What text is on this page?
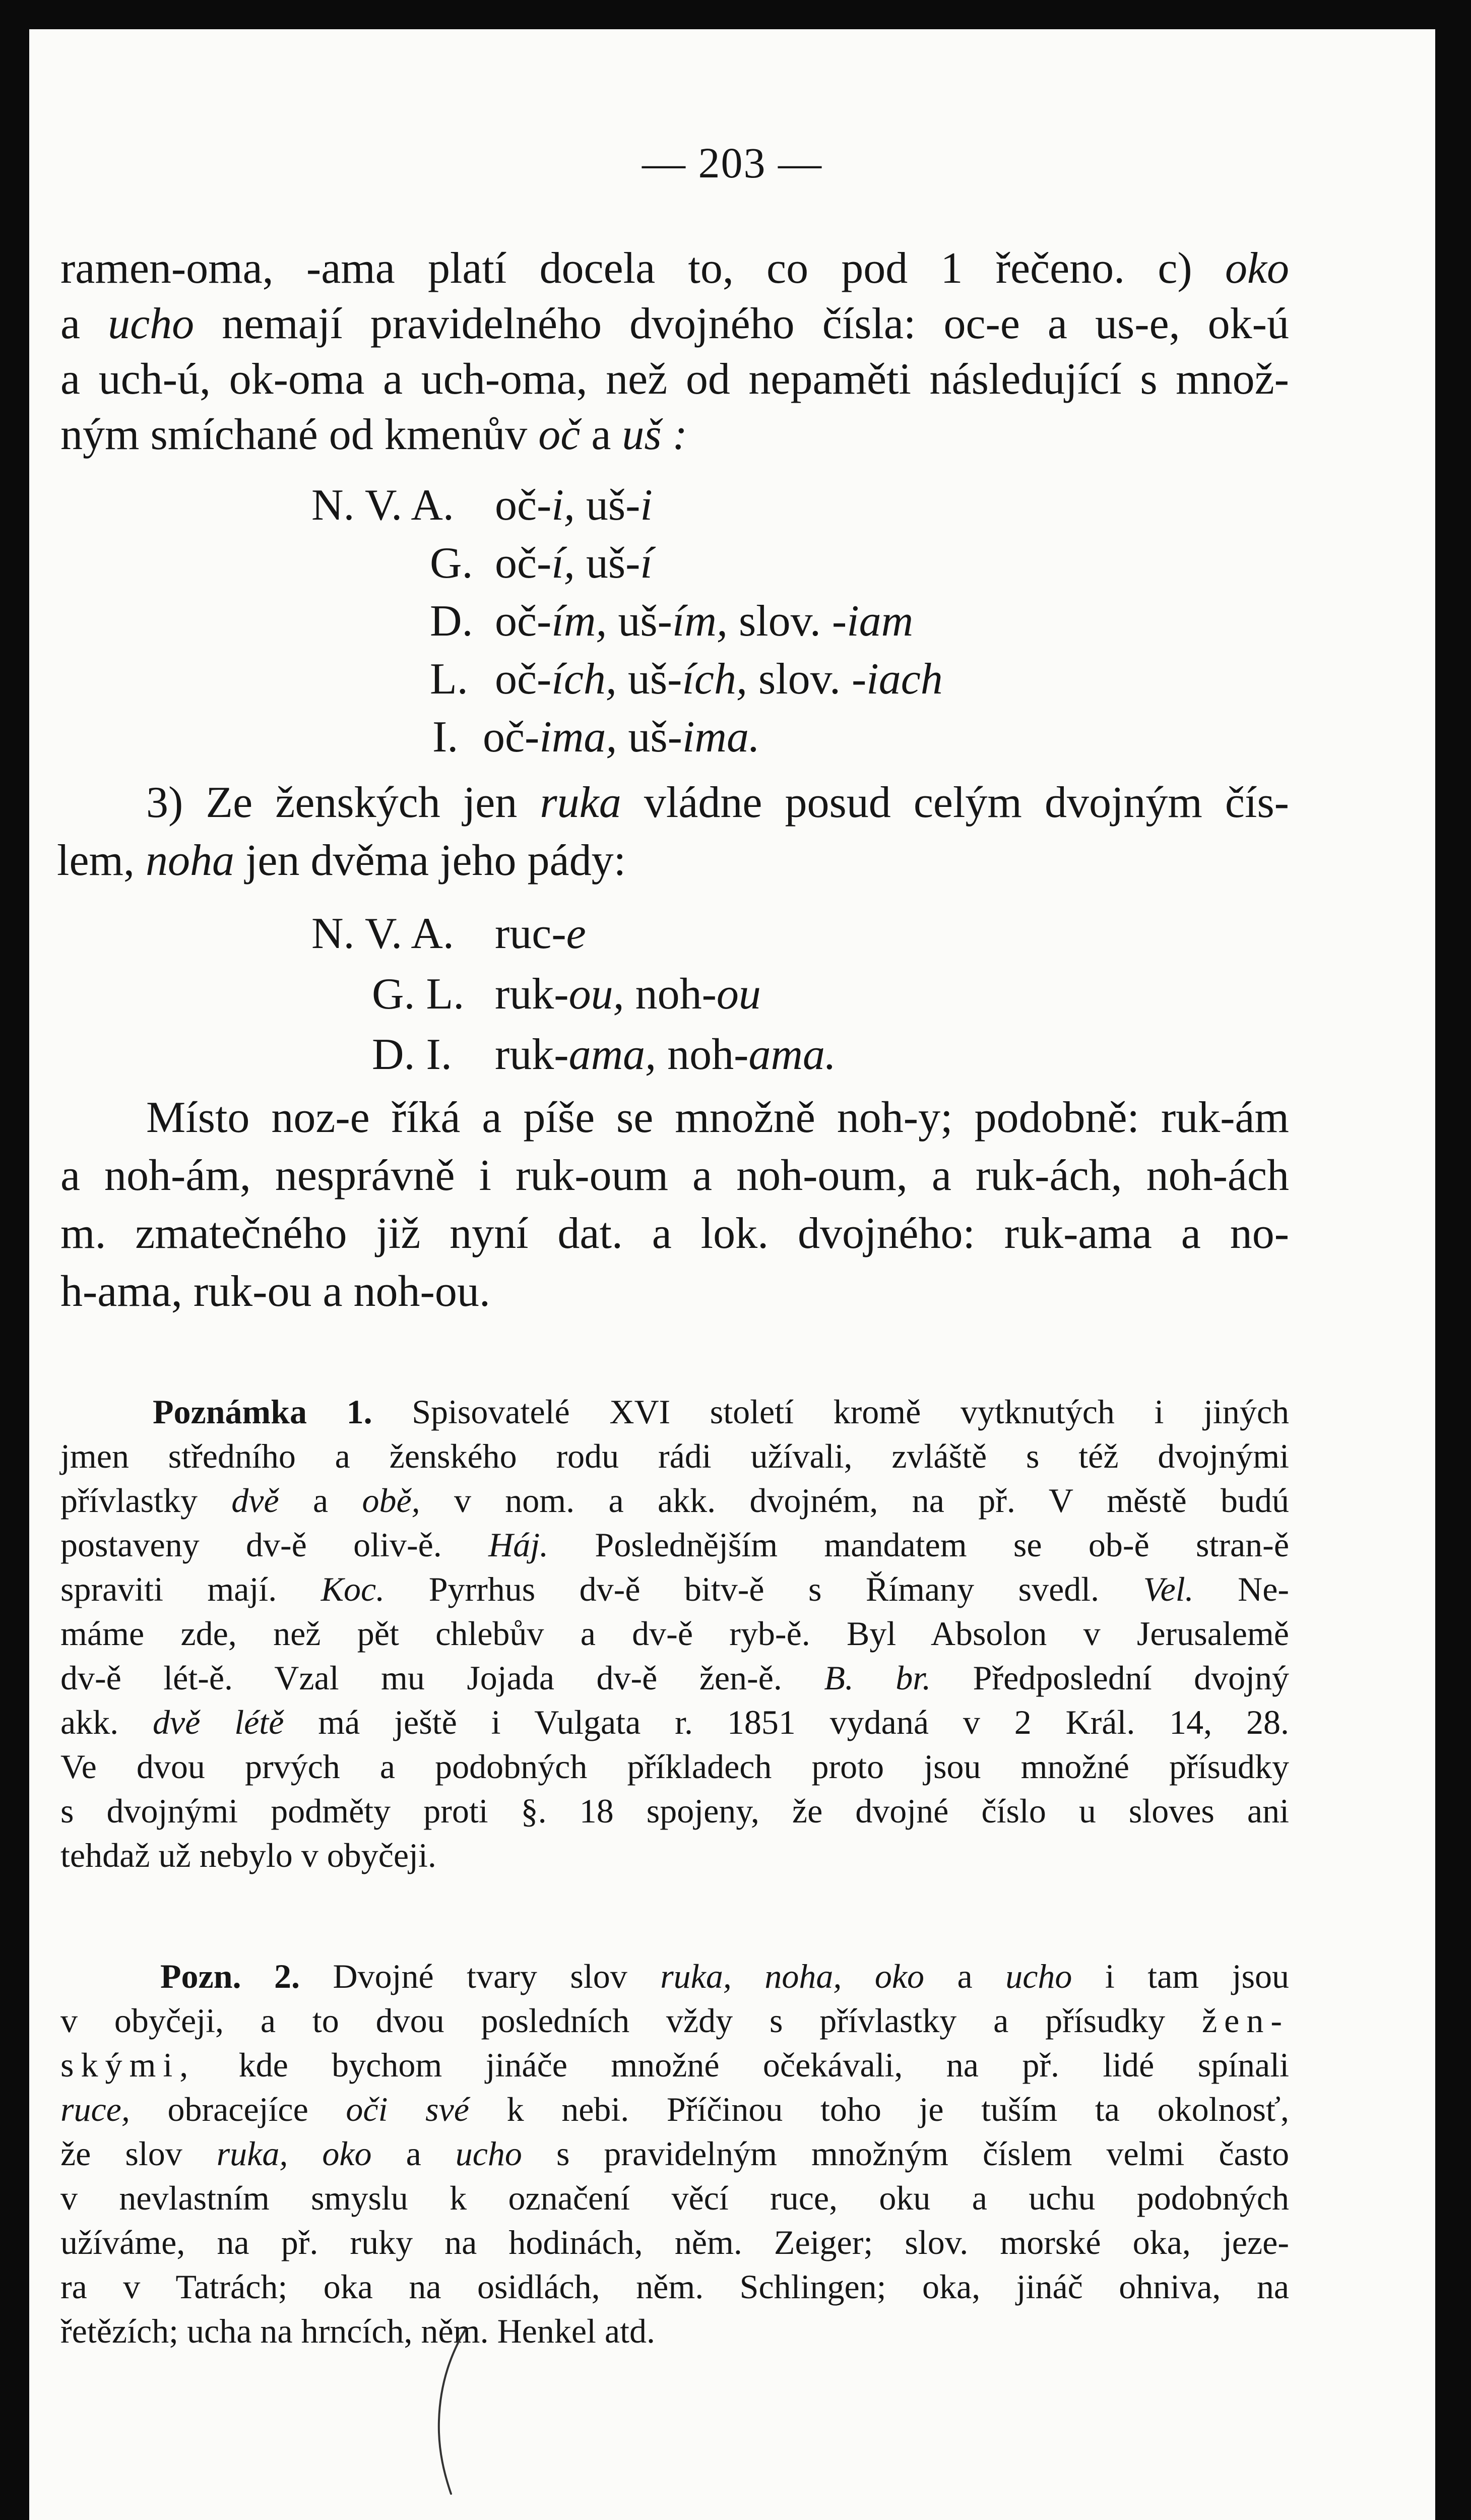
— 203 —
ramen-oma, -ama platí docela to, co pod 1 řečeno. c) oko
a ucho nemají pravidelného dvojného čísla: oc-e a us-e, ok-ú
a uch-ú, ok-oma a uch-oma, než od nepaměti následující s množ-
ným smíchané od kmenův oč a uš :
N. V. A. oč-i, uš-i
G. oč-í, uš-í
D. oč-ím, uš-ím, slov. -iam
L. oč-ích, uš-ích, slov. -iach
I. oč-ima, uš-ima.
3) Ze ženských jen ruka vládne posud celým dvojným čís-
lem, noha jen dvěma jeho pády:
N. V. A. ruc-e
G. L. ruk-ou, noh-ou
D. I. ruk-ama, noh-ama.
Místo noz-e říká a píše se množně noh-y; podobně: ruk-ám
a noh-ám, nesprávně i ruk-oum a noh-oum, a ruk-ách, noh-ách
m. zmatečného již nyní dat. a lok. dvojného: ruk-ama a no-
h-ama, ruk-ou a noh-ou.
Poznámka 1. Spisovatelé XVI století kromě vytknutých i jiných
jmen středního a ženského rodu rádi užívali, zvláště s též dvojnými
přívlastky dvě a obě, v nom. a akk. dvojném, na př. V městě budú
postaveny dv-ě oliv-ě. Háj. Poslednějším mandatem se ob-ě stran-ě
spraviti mají. Koc. Pyrrhus dv-ě bitv-ě s Římany svedl. Vel. Ne-
máme zde, než pět chlebův a dv-ě ryb-ě. Byl Absolon v Jerusalemě
dv-ě lét-ě. Vzal mu Jojada dv-ě žen-ě. B. br. Předposlední dvojný
akk. dvě létě má ještě i Vulgata r. 1851 vydaná v 2 Král. 14, 28.
Ve dvou prvých a podobných příkladech proto jsou množné přísudky
s dvojnými podměty proti §. 18 spojeny, že dvojné číslo u sloves ani
tehdaž už nebylo v obyčeji.
Pozn. 2. Dvojné tvary slov ruka, noha, oko a ucho i tam jsou
v obyčeji, a to dvou posledních vždy s přívlastky a přísudky žen-
skými, kde bychom jináče množné očekávali, na př. lidé spínali
ruce, obracejíce oči své k nebi. Příčinou toho je tuším ta okolnosť,
že slov ruka, oko a ucho s pravidelným množným číslem velmi často
v nevlastním smyslu k označení věcí ruce, oku a uchu podobných
užíváme, na př. ruky na hodinách, něm. Zeiger; slov. morské oka, jeze-
ra v Tatrách; oka na osidlách, něm. Schlingen; oka, jináč ohniva, na
řetězích; ucha na hrncích, něm. Henkel atd.
